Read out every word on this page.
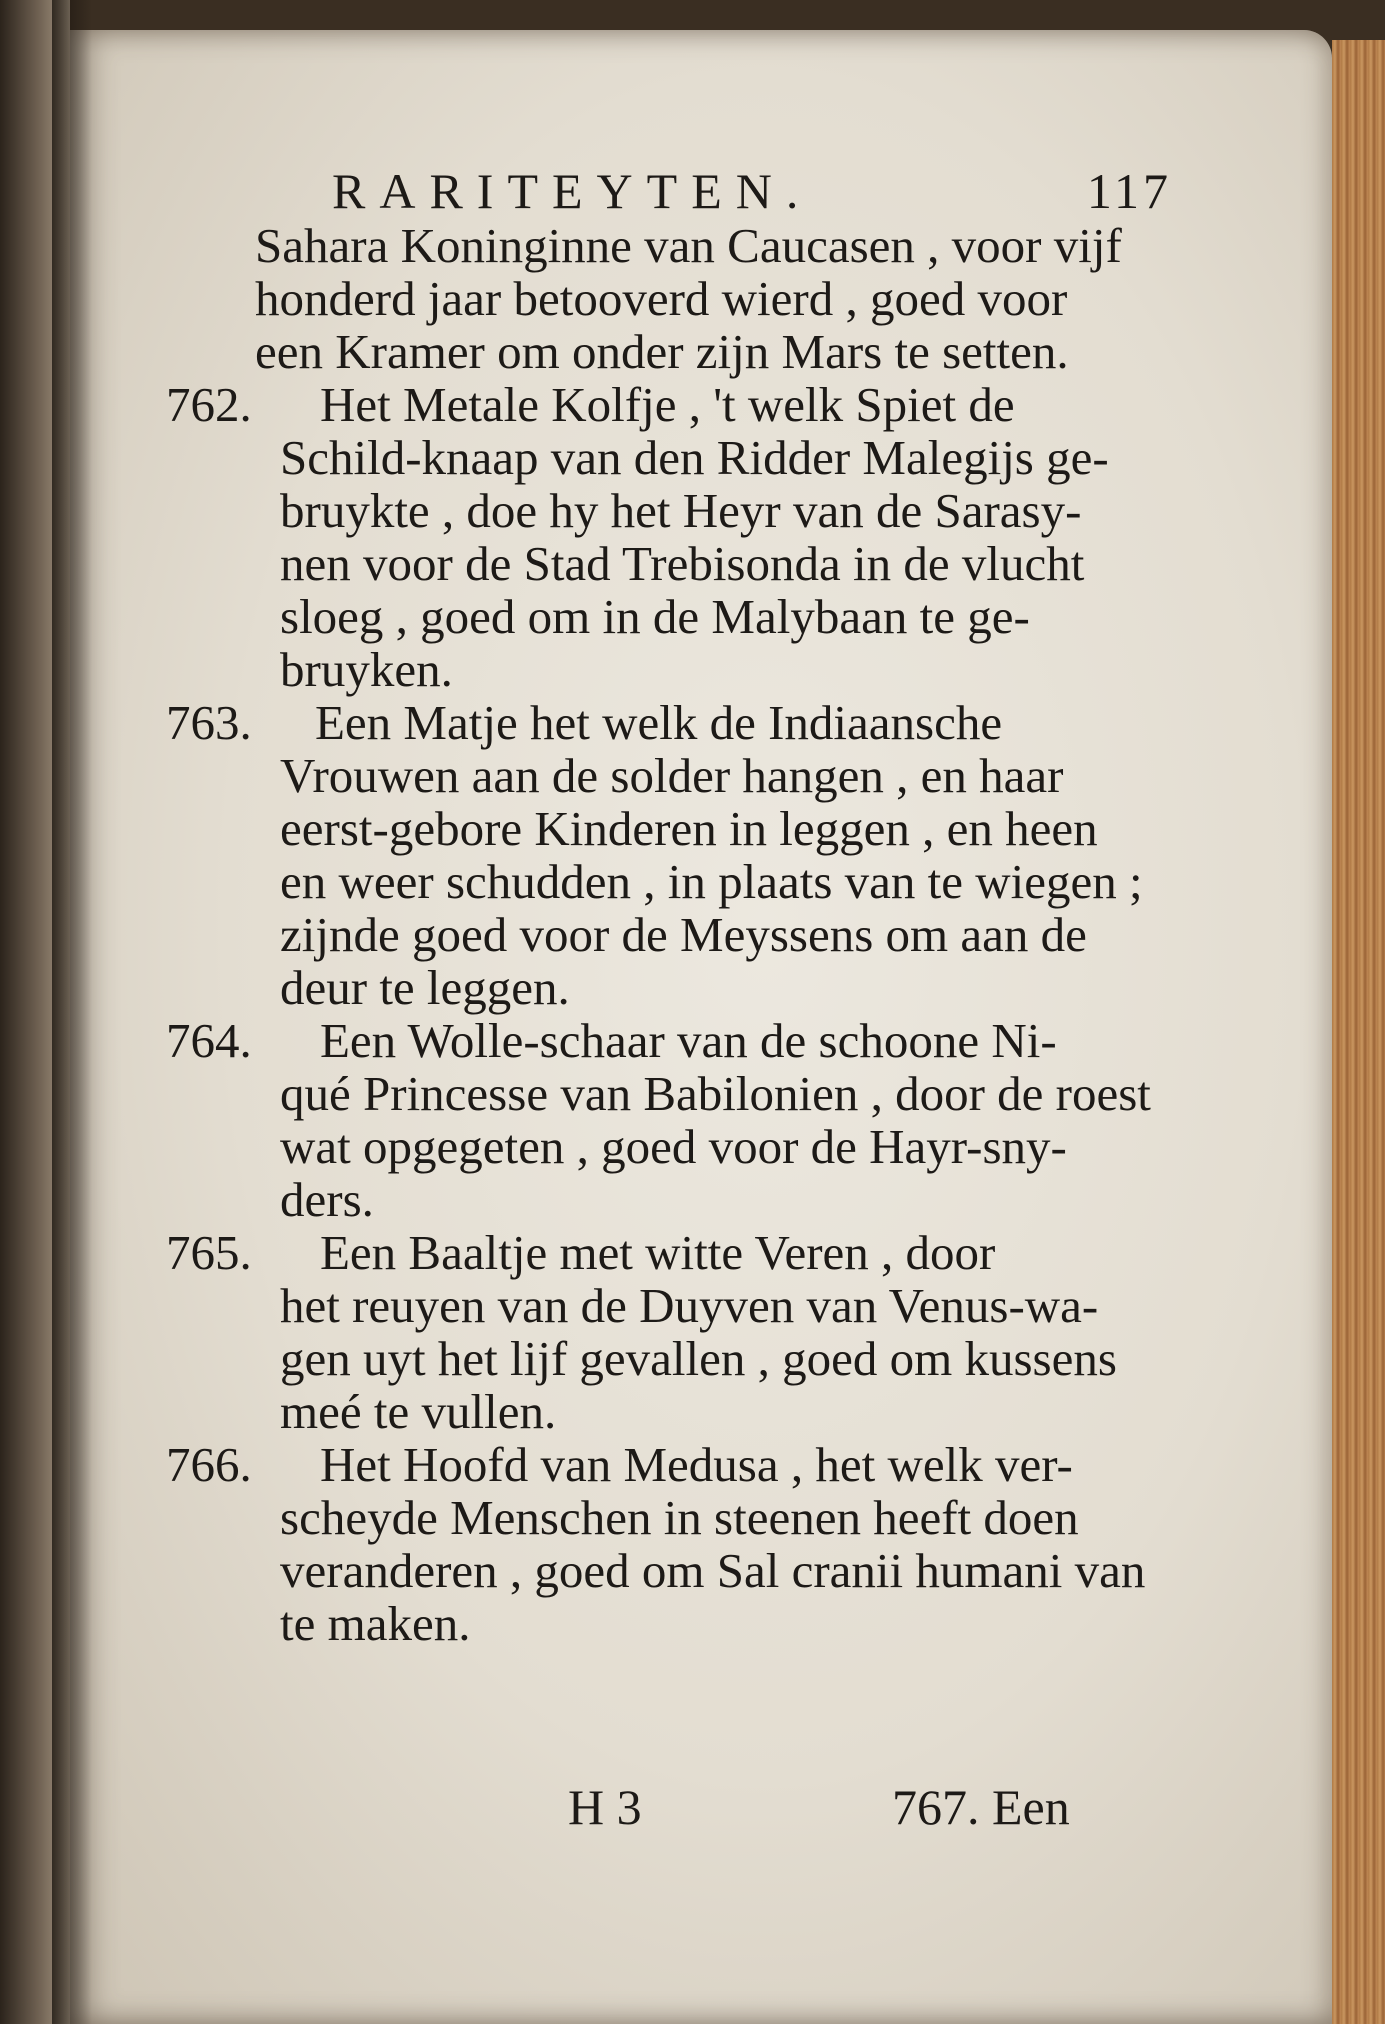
RARITEYTEN.	117
Sahara Koninginne van Caucasen , voor vijf
honderd jaar betooverd wierd , goed voor
een Kramer om onder zijn Mars te setten.
762. Het Metale Kolfje , 't welk Spiet de
Schild-knaap van den Ridder Malegijs ge-
bruykte , doe hy het Heyr van de Sarasy-
nen voor de Stad Trebisonda in de vlucht
sloeg , goed om in de Malybaan te ge-
bruyken.
763. Een Matje het welk de Indiaansche
Vrouwen aan de solder hangen , en haar
eerst-gebore Kinderen in leggen , en heen
en weer schudden , in plaats van te wiegen ;
zijnde goed voor de Meyssens om aan de
deur te leggen.
764. Een Wolle-schaar van de schoone Ni-
qué Princesse van Babilonien , door de roest
wat opgegeten , goed voor de Hayr-sny-
ders.
765. Een Baaltje met witte Veren , door
het reuyen van de Duyven van Venus-wa-
gen uyt het lijf gevallen , goed om kussens
meé te vullen.
766. Het Hoofd van Medusa , het welk ver-
scheyde Menschen in steenen heeft doen
veranderen , goed om Sal cranii humani van
te maken.
H 3	767. Een
